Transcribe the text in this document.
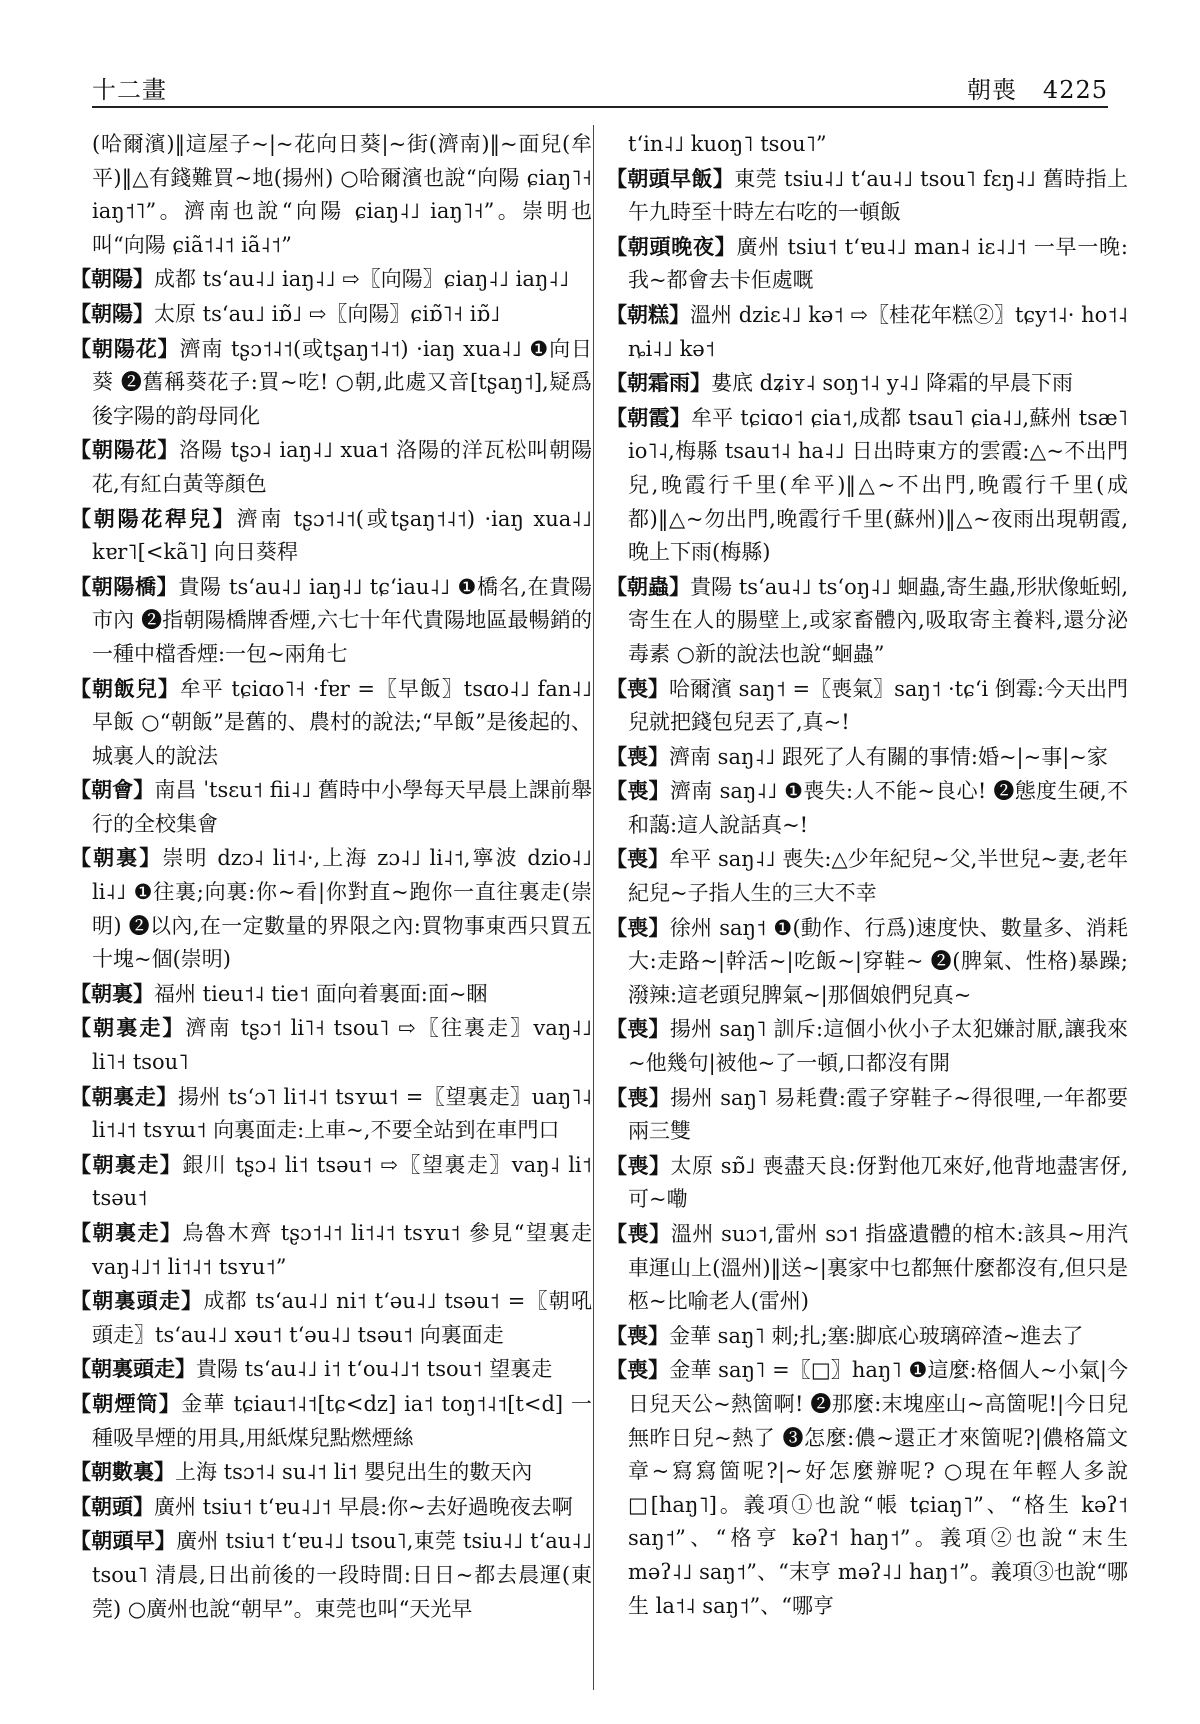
十二畫	朝喪 4225

(哈爾濱)‖這屋子~|~花向日葵|~街(濟南)‖~面兒(牟平)‖△有錢難買~地(揚州) ○哈爾濱也說“向陽 ɕiaŋ˥˧ iaŋ˦˥”。濟南也說“向陽 ɕiaŋ˨˩ iaŋ˥˧”。崇明也叫“向陽 ɕiã˦˨˦ iã˨˦”

【朝陽】成都 tsʻau˨˩ iaŋ˨˩ ⇨〖向陽〗ɕiaŋ˨˩ iaŋ˨˩

【朝陽】太原 tsʻau˩ iɒ̃˩ ⇨〖向陽〗ɕiɒ̃˥˧ iɒ̃˩

【朝陽花】濟南 tʂɔ˦˨˦(或tʂaŋ˦˨˦) ·iaŋ xua˨˩ ❶向日葵 ❷舊稱葵花子:買~吃! ○朝,此處又音[tʂaŋ˦],疑爲後字陽的韵母同化

【朝陽花】洛陽 tʂɔ˨ iaŋ˨˩ xua˦ 洛陽的洋瓦松叫朝陽花,有紅白黃等顏色

【朝陽花稈兒】濟南 tʂɔ˦˨˦(或tʂaŋ˦˨˦) ·iaŋ xua˨˩ kɐr˥[<kã˥] 向日葵稈

【朝陽橋】貴陽 tsʻau˨˩ iaŋ˨˩ tɕʻiau˨˩ ❶橋名,在貴陽市內 ❷指朝陽橋牌香煙,六七十年代貴陽地區最暢銷的一種中檔香煙:一包~兩角七

【朝飯兒】牟平 tɕiɑo˥˧ ·fɐr =〖早飯〗tsɑo˨˩ fan˨˩ 早飯 ○“朝飯”是舊的、農村的說法;“早飯”是後起的、城裏人的說法

【朝會】南昌 ˈtsɛu˦ fii˨˩ 舊時中小學每天早晨上課前舉行的全校集會

【朝裏】崇明 dzɔ˨ li˦˨·,上海 zɔ˨˩ li˨˦,寧波 dzio˨˩ li˨˩ ❶往裏;向裏:你~看|你對直~跑你一直往裏走(崇明) ❷以內,在一定數量的界限之內:買物事東西只買五十塊~個(崇明)

【朝裏】福州 tieu˦˨ tie˦ 面向着裏面:面~睏

【朝裏走】濟南 tʂɔ˦ li˥˧ tsou˥ ⇨〖往裏走〗vaŋ˨˩ li˥˧ tsou˥

【朝裏走】揚州 tsʻɔ˥ li˦˨˦ tsʏɯ˦ =〖望裏走〗uaŋ˥˨ li˦˨˦ tsʏɯ˦ 向裏面走:上車~,不要全站到在車門口

【朝裏走】銀川 tʂɔ˨ li˦ tsəu˦ ⇨〖望裏走〗vaŋ˨ li˦ tsəu˦

【朝裏走】烏魯木齊 tʂɔ˦˨˦ li˦˨˦ tsʏu˦ 參見“望裏走 vaŋ˨˩˦ li˦˨˦ tsʏu˦”

【朝裏頭走】成都 tsʻau˨˩ ni˦ tʻəu˨˩ tsəu˦ =〖朝吼頭走〗tsʻau˨˩ xəu˦ tʻəu˨˩ tsəu˦ 向裏面走

【朝裏頭走】貴陽 tsʻau˨˩ i˦ tʻou˨˩˦ tsou˦ 望裏走

【朝煙筒】金華 tɕiau˦˨˦[tɕ<dz] ia˦ toŋ˦˨˦[t<d] 一種吸旱煙的用具,用紙煤兒點燃煙絲

【朝數裏】上海 tsɔ˦˨ su˨˦ li˦ 嬰兒出生的數天內

【朝頭】廣州 tsiu˦ tʻɐu˨˩˦ 早晨:你~去好過晚夜去啊

【朝頭早】廣州 tsiu˦ tʻɐu˨˩ tsou˥,東莞 tsiu˨˩ tʻau˨˩ tsou˥ 清晨,日出前後的一段時間:日日~都去晨運(東莞) ○廣州也說“朝早”。東莞也叫“天光早

tʻin˨˩ kuoŋ˥ tsou˥”

【朝頭早飯】東莞 tsiu˨˩ tʻau˨˩ tsou˥ fɛŋ˨˩ 舊時指上午九時至十時左右吃的一頓飯

【朝頭晚夜】廣州 tsiu˦ tʻɐu˨˩ man˨ iɛ˨˩˦ 一早一晚:我~都會去卡佢處嘅

【朝糕】溫州 dziɛ˨˩ kə˦ ⇨〖桂花年糕②〗tɕy˦˨· ho˦˨ ȵi˨˩ kə˦

【朝霜雨】婁底 dʑiʏ˨ soŋ˦˨ y˨˩ 降霜的早晨下雨

【朝霞】牟平 tɕiɑo˦ ɕia˦,成都 tsau˥ ɕia˨˩,蘇州 tsæ˥ io˥˨,梅縣 tsau˦˨ ha˨˩ 日出時東方的雲霞:△~不出門兒,晚霞行千里(牟平)‖△~不出門,晚霞行千里(成都)‖△~勿出門,晚霞行千里(蘇州)‖△~夜雨出現朝霞,晚上下雨(梅縣)

【朝蟲】貴陽 tsʻau˨˩ tsʻoŋ˨˩ 蛔蟲,寄生蟲,形狀像蚯蚓,寄生在人的腸壁上,或家畜體內,吸取寄主養料,還分泌毒素 ○新的說法也說“蛔蟲”

【喪】哈爾濱 saŋ˦ =〖喪氣〗saŋ˦ ·tɕʻi 倒霉:今天出門兒就把錢包兒丟了,真~!

【喪】濟南 saŋ˨˩ 跟死了人有關的事情:婚~|~事|~家

【喪】濟南 saŋ˨˩ ❶喪失:人不能~良心! ❷態度生硬,不和藹:這人說話真~!

【喪】牟平 saŋ˨˩ 喪失:△少年紀兒~父,半世兒~妻,老年紀兒~子指人生的三大不幸

【喪】徐州 saŋ˦ ❶(動作、行爲)速度快、數量多、消耗大:走路~|幹活~|吃飯~|穿鞋~ ❷(脾氣、性格)暴躁;潑辣:這老頭兒脾氣~|那個娘們兒真~

【喪】揚州 saŋ˥ 訓斥:這個小伙小子太犯嫌討厭,讓我來~他幾句|被他~了一頓,口都沒有開

【喪】揚州 saŋ˥ 易耗費:霞子穿鞋子~得很哩,一年都要兩三雙

【喪】太原 sɒ̃˩ 喪盡天良:伢對他兀來好,他背地盡害伢,可~嘞

【喪】溫州 suɔ˦,雷州 sɔ˦ 指盛遺體的棺木:該具~用汽車運山上(溫州)‖送~|裏家中乜都無什麼都沒有,但只是柩~比喻老人(雷州)

【喪】金華 saŋ˥ 刺;扎;塞:脚底心玻璃碎渣~進去了

【喪】金華 saŋ˥ =〖□〗haŋ˥ ❶這麼:格個人~小氣|今日兒天公~熱箇啊! ❷那麼:末塊座山~高箇呢!|今日兒無昨日兒~熱了 ❸怎麼:儂~還正才來箇呢?|儂格篇文章~寫寫箇呢?|~好怎麼辦呢? ○現在年輕人多說□[haŋ˥]。義項①也說“帳 tɕiaŋ˥”、“格生 kəʔ˦ saŋ˦”、“格亨 kəʔ˦ haŋ˦”。義項②也說“末生 məʔ˨˩ saŋ˦”、“末亨 məʔ˨˩ haŋ˦”。義項③也說“哪生 la˦˨ saŋ˦”、“哪亨
